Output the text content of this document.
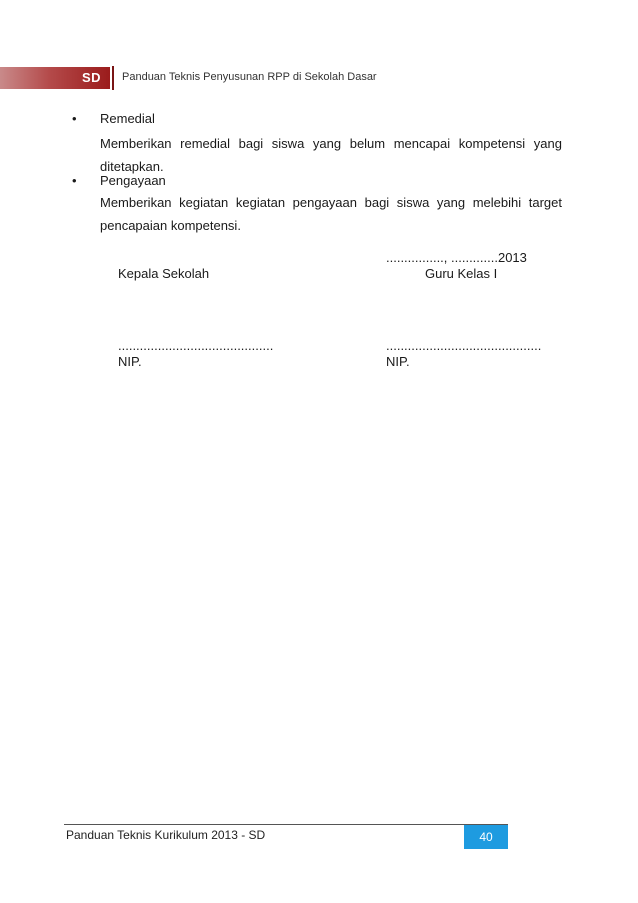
SD Panduan Teknis Penyusunan RPP di Sekolah Dasar
• Remedial
Memberikan remedial bagi siswa yang belum mencapai kompetensi yang ditetapkan.
• Pengayaan
Memberikan kegiatan kegiatan pengayaan bagi siswa yang melebihi target pencapaian kompetensi.
................, .............2013
Kepala Sekolah	Guru Kelas I
...........................................	...........................................
NIP.	NIP.
Panduan Teknis Kurikulum 2013 - SD	40
